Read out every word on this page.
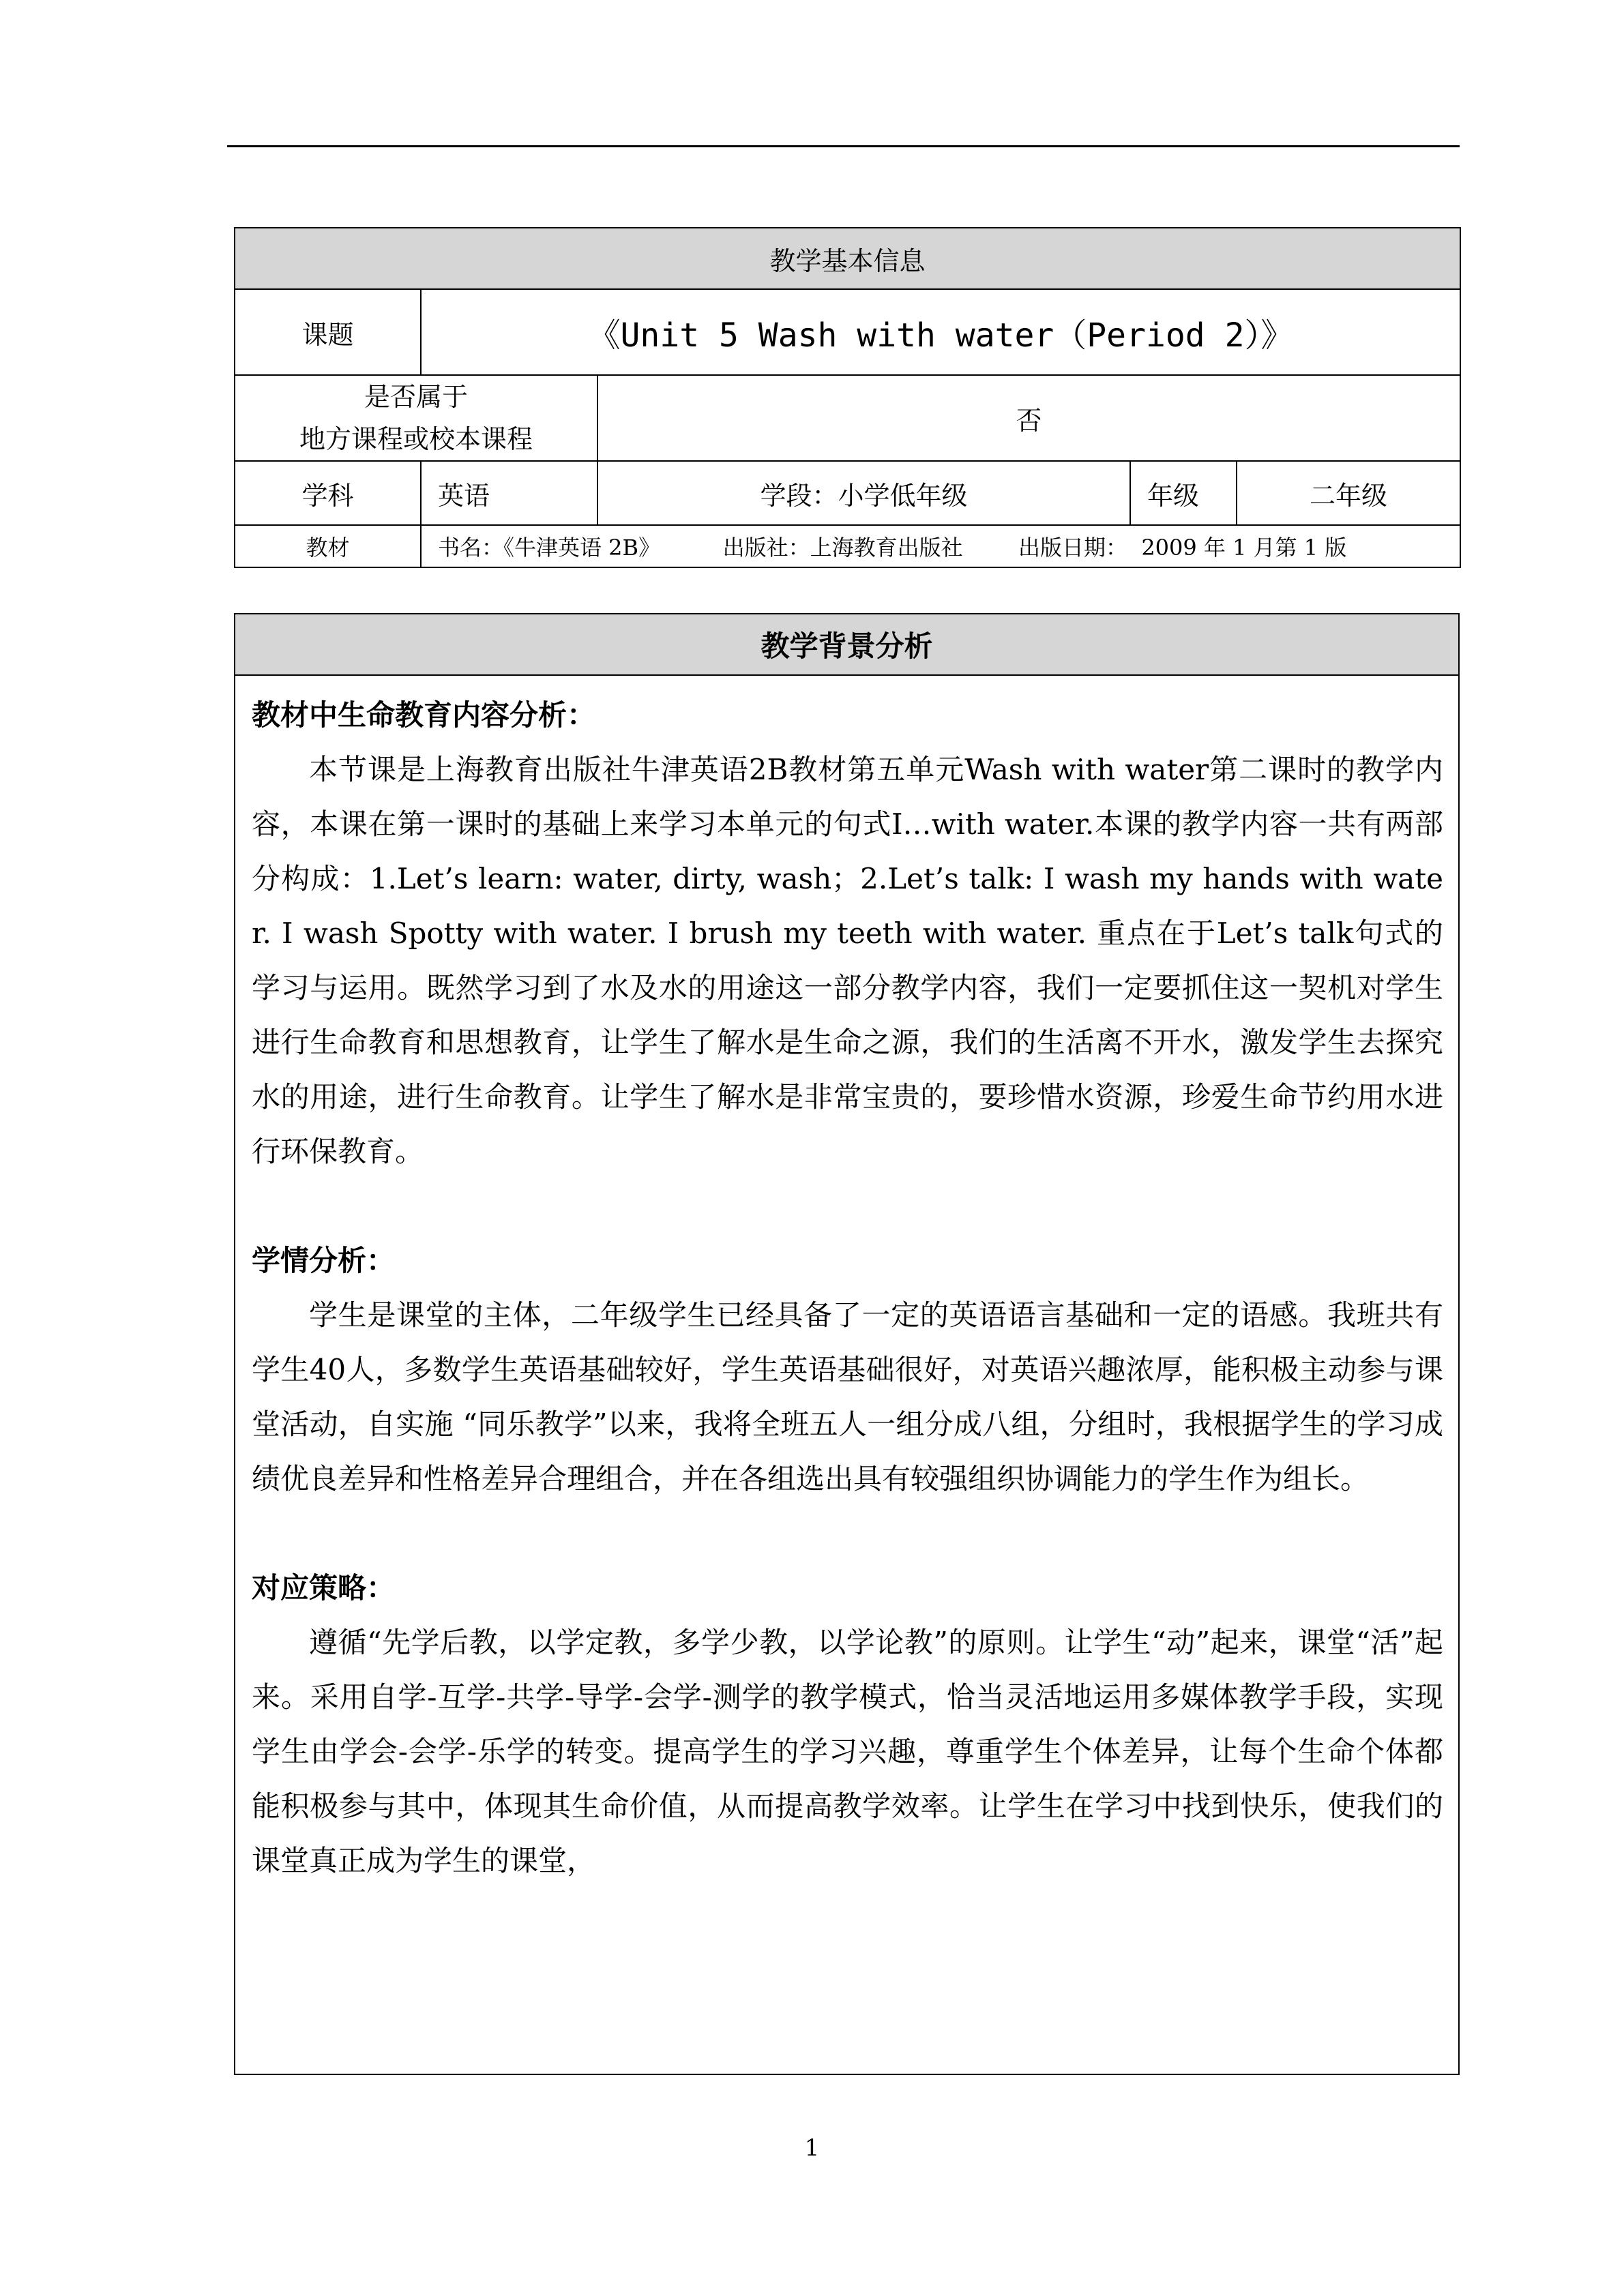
教学基本信息				
课题	《Unit 5 Wash with water（Period 2）》			
是否属于
地方课程或校本课程		否		
学科	英语	学段：小学低年级	年级	二年级
教材	书名：《牛津英语 2B》         出版社：上海教育出版社        出版日期：  2009 年 1 月第 1 版			
教学背景分析

教材中生命教育内容分析：

本节课是上海教育出版社牛津英语2B教材第五单元Wash with water第二课时的教学内容，本课在第一课时的基础上来学习本单元的句式I…with water.本课的教学内容一共有两部分构成：1.Let’s learn: water, dirty, wash；2.Let’s talk: I wash my hands with water. I wash Spotty with water. I brush my teeth with water. 重点在于Let’s talk句式的学习与运用。既然学习到了水及水的用途这一部分教学内容，我们一定要抓住这一契机对学生进行生命教育和思想教育，让学生了解水是生命之源，我们的生活离不开水，激发学生去探究水的用途，进行生命教育。让学生了解水是非常宝贵的，要珍惜水资源，珍爱生命节约用水进行环保教育。

学情分析：

学生是课堂的主体，二年级学生已经具备了一定的英语语言基础和一定的语感。我班共有学生40人，多数学生英语基础较好，学生英语基础很好，对英语兴趣浓厚，能积极主动参与课堂活动，自实施 “同乐教学”以来，我将全班五人一组分成八组，分组时，我根据学生的学习成绩优良差异和性格差异合理组合，并在各组选出具有较强组织协调能力的学生作为组长。

对应策略：

遵循“先学后教，以学定教，多学少教，以学论教”的原则。让学生“动”起来，课堂“活”起来。采用自学-互学-共学-导学-会学-测学的教学模式，恰当灵活地运用多媒体教学手段，实现学生由学会-会学-乐学的转变。提高学生的学习兴趣，尊重学生个体差异，让每个生命个体都能积极参与其中，体现其生命价值，从而提高教学效率。让学生在学习中找到快乐，使我们的课堂真正成为学生的课堂，

1
